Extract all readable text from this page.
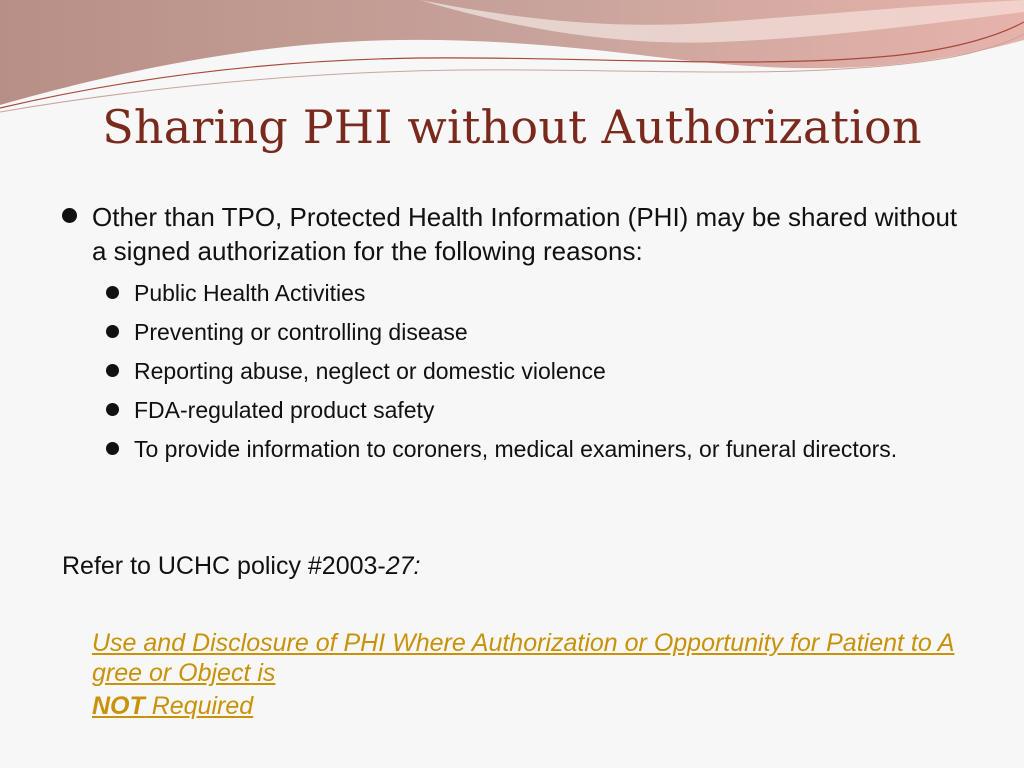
Sharing PHI without Authorization

Other than TPO, Protected Health Information (PHI) may be shared without a signed authorization for the following reasons:

Public Health Activities
Preventing or controlling disease
Reporting abuse, neglect or domestic violence
FDA-regulated product safety
To provide information to coroners, medical examiners, or funeral directors.

Refer to UCHC policy #2003-27:

Use and Disclosure of PHI Where Authorization or Opportunity for Patient to Agree or Object is
NOT Required
